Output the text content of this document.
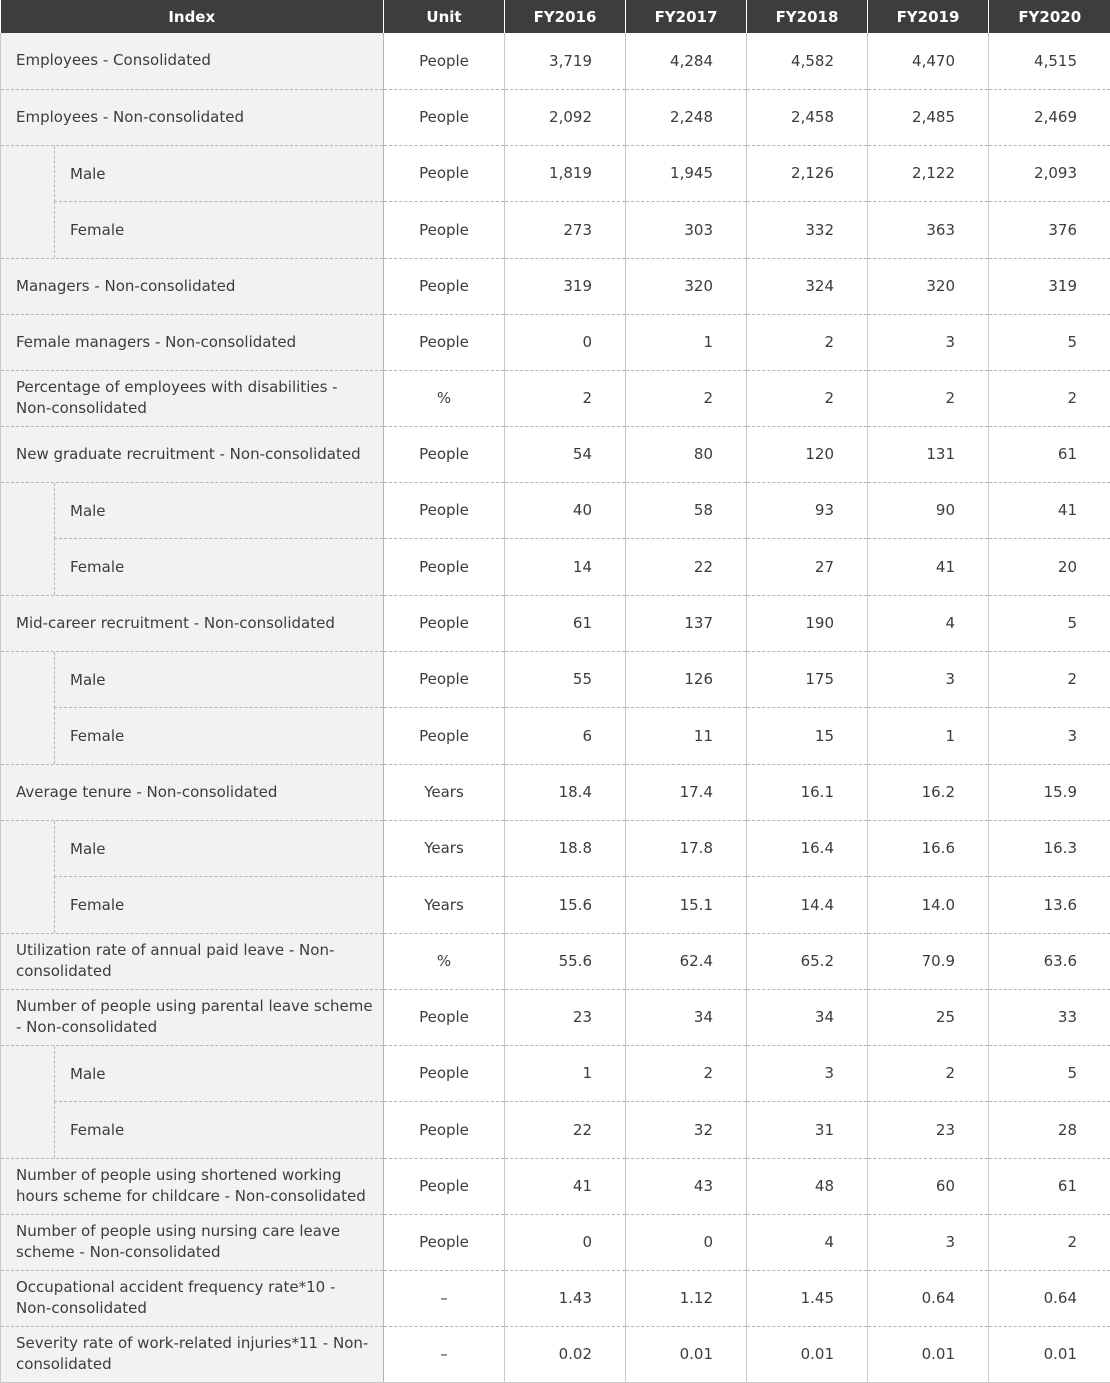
Index	Unit	FY2016	FY2017	FY2018	FY2019	FY2020

Employees - Consolidated	People	3,719	4,284	4,582	4,470	4,515

Employees - Non-consolidated	People	2,092	2,248	2,458	2,485	2,469

Male	People	1,819	1,945	2,126	2,122	2,093

Female	People	273	303	332	363	376

Managers - Non-consolidated	People	319	320	324	320	319

Female managers - Non-consolidated	People	0	1	2	3	5

Percentage of employees with disabilities - Non-consolidated	%	2	2	2	2	2

New graduate recruitment - Non-consolidated	People	54	80	120	131	61

Male	People	40	58	93	90	41

Female	People	14	22	27	41	20

Mid-career recruitment - Non-consolidated	People	61	137	190	4	5

Male	People	55	126	175	3	2

Female	People	6	11	15	1	3

Average tenure - Non-consolidated	Years	18.4	17.4	16.1	16.2	15.9

Male	Years	18.8	17.8	16.4	16.6	16.3

Female	Years	15.6	15.1	14.4	14.0	13.6

Utilization rate of annual paid leave - Non-consolidated	%	55.6	62.4	65.2	70.9	63.6

Number of people using parental leave scheme - Non-consolidated	People	23	34	34	25	33

Male	People	1	2	3	2	5

Female	People	22	32	31	23	28

Number of people using shortened working hours scheme for childcare - Non-consolidated	People	41	43	48	60	61

Number of people using nursing care leave scheme - Non-consolidated	People	0	0	4	3	2

Occupational accident frequency rate*10 - Non-consolidated	–	1.43	1.12	1.45	0.64	0.64

Severity rate of work-related injuries*11 - Non-consolidated	–	0.02	0.01	0.01	0.01	0.01
